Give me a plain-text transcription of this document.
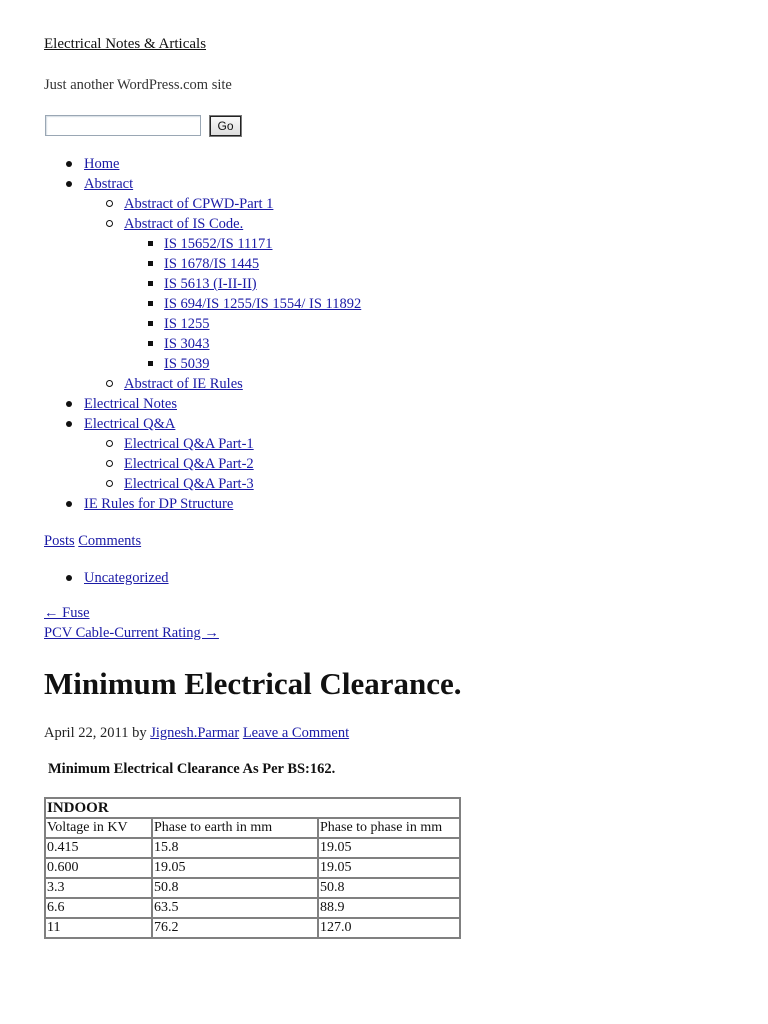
Electrical Notes & Articals
Just another WordPress.com site
Go
Home
Abstract
Abstract of CPWD-Part 1
Abstract of IS Code.
IS 15652/IS 11171
IS 1678/IS 1445
IS 5613 (I-II-II)
IS 694/IS 1255/IS 1554/ IS 11892
IS 1255
IS 3043
IS 5039
Abstract of IE Rules
Electrical Notes
Electrical Q&A
Electrical Q&A Part-1
Electrical Q&A Part-2
Electrical Q&A Part-3
IE Rules for DP Structure
Posts Comments
Uncategorized
← Fuse
PCV Cable-Current Rating →
Minimum Electrical Clearance.
April 22, 2011 by Jignesh.Parmar Leave a Comment
Minimum Electrical Clearance As Per BS:162.
INDOOR		
Voltage in KV	Phase to earth in mm	Phase to phase in mm
0.415	15.8	19.05
0.600	19.05	19.05
3.3	50.8	50.8
6.6	63.5	88.9
11	76.2	127.0
